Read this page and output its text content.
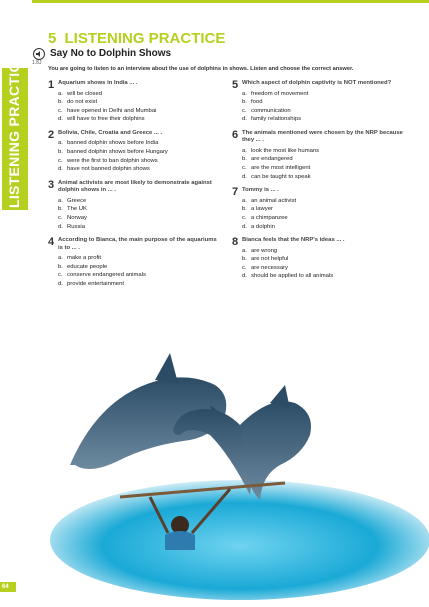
LISTENING PRACTICE
5 LISTENING PRACTICE
1.8J
Say No to Dolphin Shows
You are going to listen to an interview about the use of dolphins in shows. Listen and choose the correct answer.
1 Aquarium shows in India ... .
a. will be closed
b. do not exist
c. have opened in Delhi and Mumbai
d. will have to free their dolphins
2 Bolivia, Chile, Croatia and Greece ... .
a. banned dolphin shows before India
b. banned dolphin shows before Hungary
c. were the first to ban dolphin shows
d. have not banned dolphin shows
3 Animal activists are most likely to demonstrate against dolphin shows in ... .
a. Greece
b. The UK
c. Norway
d. Russia
4 According to Bianca, the main purpose of the aquariums is to ... .
a. make a profit
b. educate people
c. conserve endangered animals
d. provide entertainment
5 Which aspect of dolphin captivity is NOT mentioned?
a. freedom of movement
b. food
c. communication
d. family relationships
6 The animals mentioned were chosen by the NRP because they ... .
a. look the most like humans
b. are endangered
c. are the most intelligent
d. can be taught to speak
7 Tommy is ... .
a. an animal activist
b. a lawyer
c. a chimpanzee
d. a dolphin
8 Bianca feels that the NRP's ideas ... .
a. are wrong
b. are not helpful
c. are necessary
d. should be applied to all animals
64
